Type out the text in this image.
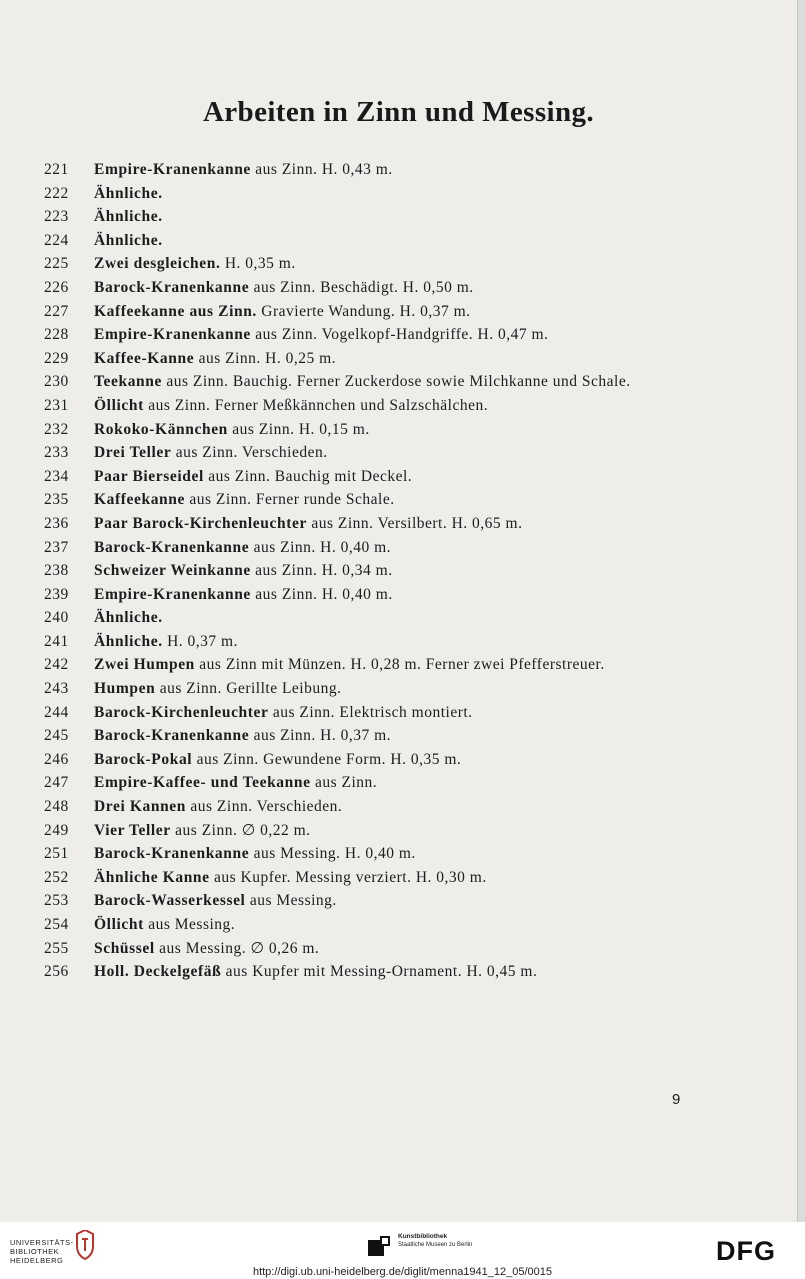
Arbeiten in Zinn und Messing.
221	Empire-Kranenkanne aus Zinn. H. 0,43 m.
222	Ähnliche.
223	Ähnliche.
224	Ähnliche.
225	Zwei desgleichen. H. 0,35 m.
226	Barock-Kranenkanne aus Zinn. Beschädigt. H. 0,50 m.
227	Kaffeekanne aus Zinn. Gravierte Wandung. H. 0,37 m.
228	Empire-Kranenkanne aus Zinn. Vogelkopf-Handgriffe. H. 0,47 m.
229	Kaffee-Kanne aus Zinn. H. 0,25 m.
230	Teekanne aus Zinn. Bauchig. Ferner Zuckerdose sowie Milchkanne und Schale.
231	Öllicht aus Zinn. Ferner Meßkännchen und Salzschälchen.
232	Rokoko-Kännchen aus Zinn. H. 0,15 m.
233	Drei Teller aus Zinn. Verschieden.
234	Paar Bierseidel aus Zinn. Bauchig mit Deckel.
235	Kaffeekanne aus Zinn. Ferner runde Schale.
236	Paar Barock-Kirchenleuchter aus Zinn. Versilbert. H. 0,65 m.
237	Barock-Kranenkanne aus Zinn. H. 0,40 m.
238	Schweizer Weinkanne aus Zinn. H. 0,34 m.
239	Empire-Kranenkanne aus Zinn. H. 0,40 m.
240	Ähnliche.
241	Ähnliche. H. 0,37 m.
242	Zwei Humpen aus Zinn mit Münzen. H. 0,28 m. Ferner zwei Pfefferstreuer.
243	Humpen aus Zinn. Gerillte Leibung.
244	Barock-Kirchenleuchter aus Zinn. Elektrisch montiert.
245	Barock-Kranenkanne aus Zinn. H. 0,37 m.
246	Barock-Pokal aus Zinn. Gewundene Form. H. 0,35 m.
247	Empire-Kaffee- und Teekanne aus Zinn.
248	Drei Kannen aus Zinn. Verschieden.
249	Vier Teller aus Zinn. ∅ 0,22 m.
251	Barock-Kranenkanne aus Messing. H. 0,40 m.
252	Ähnliche Kanne aus Kupfer. Messing verziert. H. 0,30 m.
253	Barock-Wasserkessel aus Messing.
254	Öllicht aus Messing.
255	Schüssel aus Messing. ∅ 0,26 m.
256	Holl. Deckelgefäß aus Kupfer mit Messing-Ornament. H. 0,45 m.
9
UNIVERSITÄTS-
BIBLIOTHEK
HEIDELBERG
Kunstbibliothek
Staatliche Museen zu Berlin	DFG
http://digi.ub.uni-heidelberg.de/diglit/menna1941_12_05/0015
